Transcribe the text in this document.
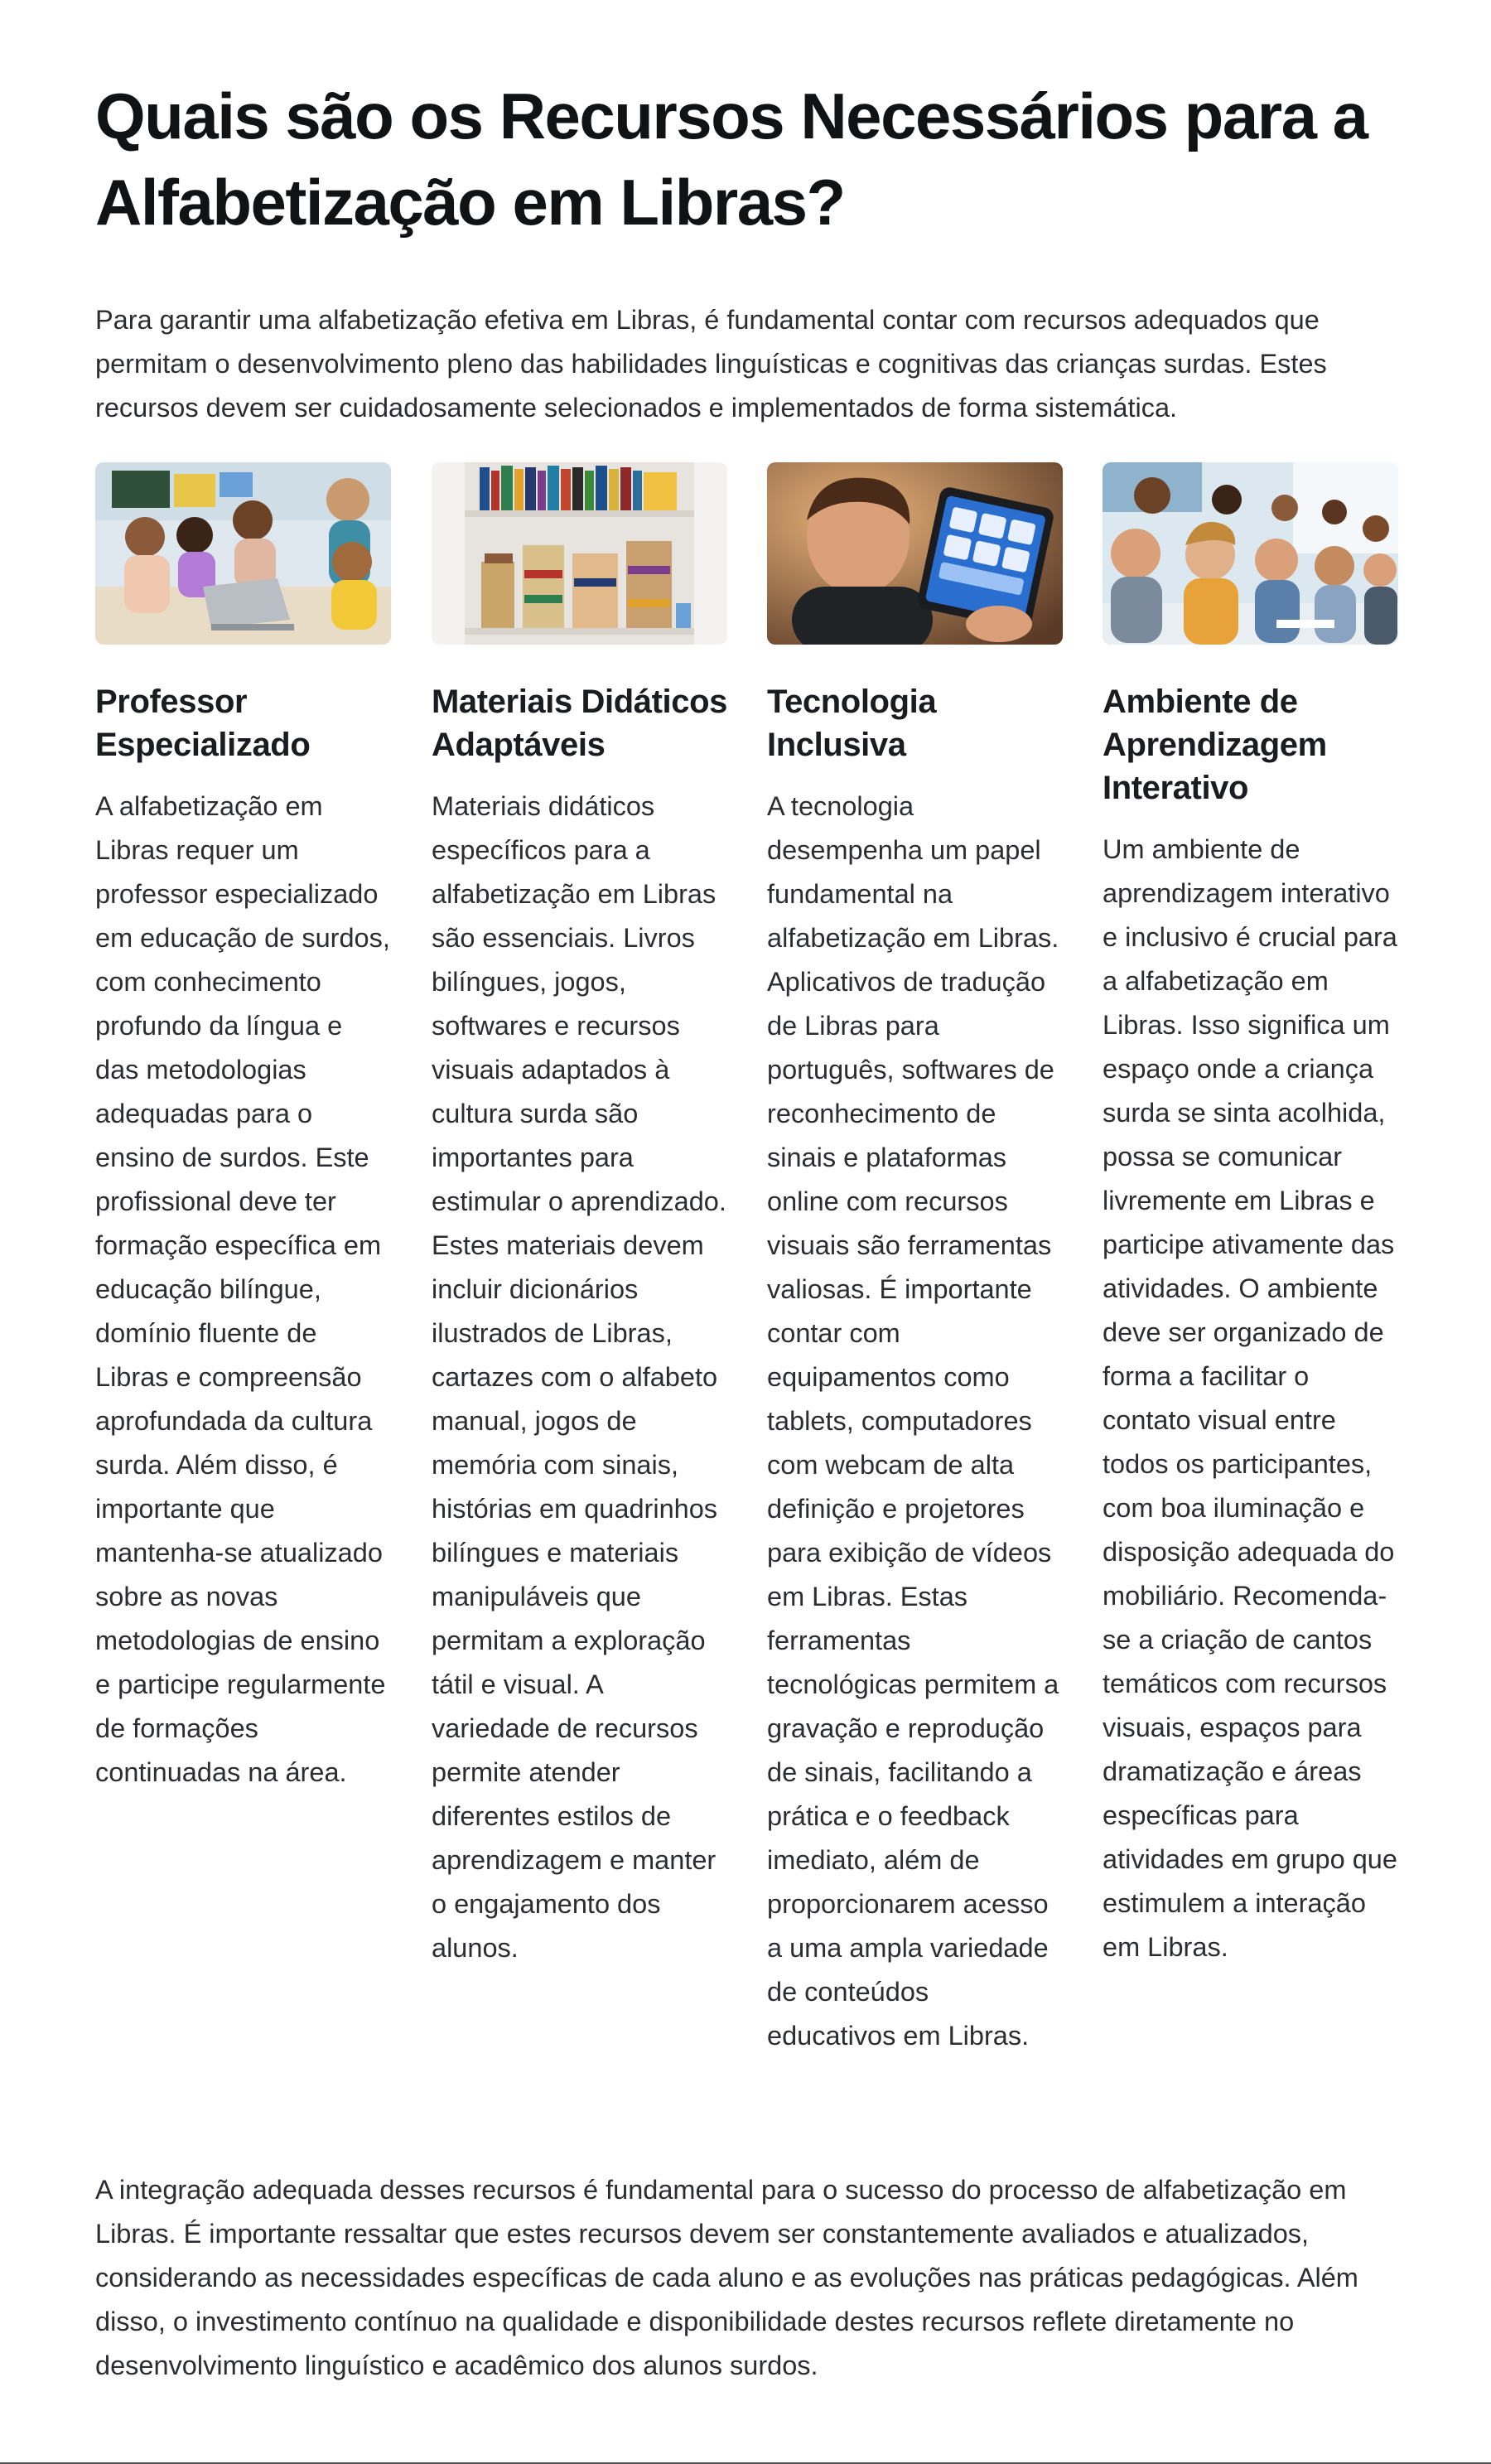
Quais são os Recursos Necessários para a Alfabetização em Libras?

Para garantir uma alfabetização efetiva em Libras, é fundamental contar com recursos adequados que permitam o desenvolvimento pleno das habilidades linguísticas e cognitivas das crianças surdas. Estes recursos devem ser cuidadosamente selecionados e implementados de forma sistemática.

Professor Especializado

A alfabetização em Libras requer um professor especializado em educação de surdos, com conhecimento profundo da língua e das metodologias adequadas para o ensino de surdos. Este profissional deve ter formação específica em educação bilíngue, domínio fluente de Libras e compreensão aprofundada da cultura surda. Além disso, é importante que mantenha-se atualizado sobre as novas metodologias de ensino e participe regularmente de formações continuadas na área.

Materiais Didáticos Adaptáveis

Materiais didáticos específicos para a alfabetização em Libras são essenciais. Livros bilíngues, jogos, softwares e recursos visuais adaptados à cultura surda são importantes para estimular o aprendizado. Estes materiais devem incluir dicionários ilustrados de Libras, cartazes com o alfabeto manual, jogos de memória com sinais, histórias em quadrinhos bilíngues e materiais manipuláveis que permitam a exploração tátil e visual. A variedade de recursos permite atender diferentes estilos de aprendizagem e manter o engajamento dos alunos.

Tecnologia Inclusiva

A tecnologia desempenha um papel fundamental na alfabetização em Libras. Aplicativos de tradução de Libras para português, softwares de reconhecimento de sinais e plataformas online com recursos visuais são ferramentas valiosas. É importante contar com equipamentos como tablets, computadores com webcam de alta definição e projetores para exibição de vídeos em Libras. Estas ferramentas tecnológicas permitem a gravação e reprodução de sinais, facilitando a prática e o feedback imediato, além de proporcionarem acesso a uma ampla variedade de conteúdos educativos em Libras.

Ambiente de Aprendizagem Interativo

Um ambiente de aprendizagem interativo e inclusivo é crucial para a alfabetização em Libras. Isso significa um espaço onde a criança surda se sinta acolhida, possa se comunicar livremente em Libras e participe ativamente das atividades. O ambiente deve ser organizado de forma a facilitar o contato visual entre todos os participantes, com boa iluminação e disposição adequada do mobiliário. Recomenda-se a criação de cantos temáticos com recursos visuais, espaços para dramatização e áreas específicas para atividades em grupo que estimulem a interação em Libras.

A integração adequada desses recursos é fundamental para o sucesso do processo de alfabetização em Libras. É importante ressaltar que estes recursos devem ser constantemente avaliados e atualizados, considerando as necessidades específicas de cada aluno e as evoluções nas práticas pedagógicas. Além disso, o investimento contínuo na qualidade e disponibilidade destes recursos reflete diretamente no desenvolvimento linguístico e acadêmico dos alunos surdos.
